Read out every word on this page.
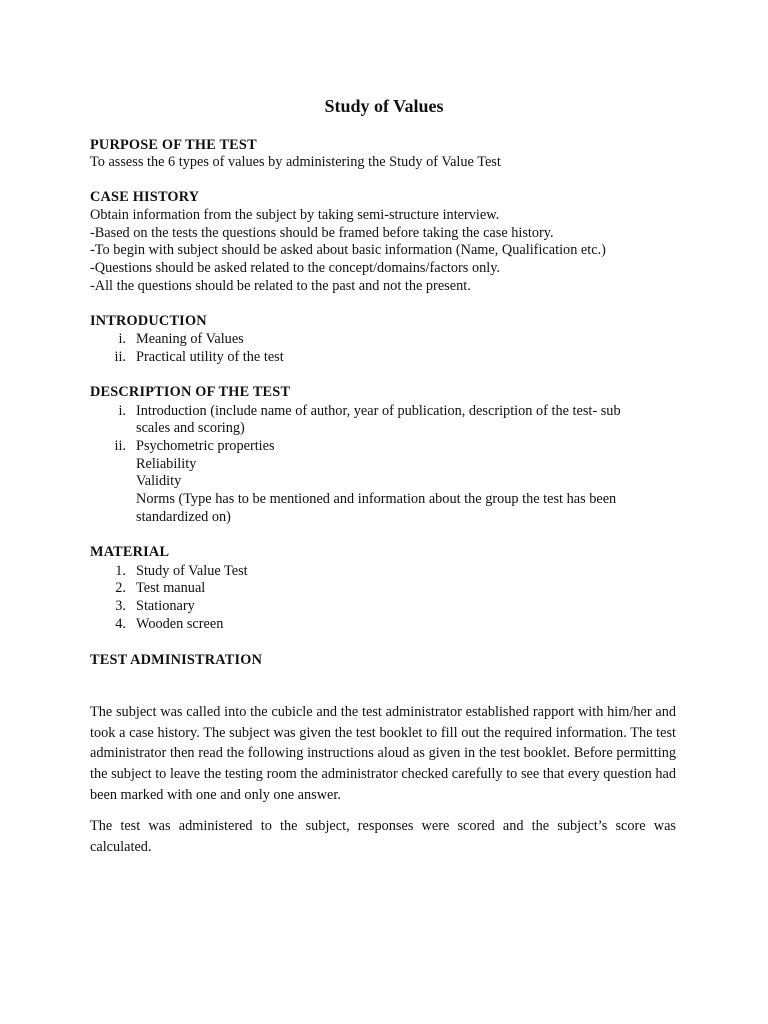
Study of Values
PURPOSE OF THE TEST
To assess the 6 types of values by administering the Study of Value Test
CASE HISTORY
Obtain information from the subject by taking semi-structure interview.
-Based on the tests the questions should be framed before taking the case history.
-To begin with subject should be asked about basic information (Name, Qualification etc.)
-Questions should be asked related to the concept/domains/factors only.
-All the questions should be related to the past and not the present.
INTRODUCTION
i. Meaning of Values
ii. Practical utility of the test
DESCRIPTION OF THE TEST
i. Introduction (include name of author, year of publication, description of the test- sub
scales and scoring)
ii. Psychometric properties
Reliability
Validity
Norms (Type has to be mentioned and information about the group the test has been
standardized on)
MATERIAL
1. Study of Value Test
2. Test manual
3. Stationary
4. Wooden screen
TEST ADMINISTRATION
The subject was called into the cubicle and the test administrator established rapport with him/her and took a case history. The subject was given the test booklet to fill out the required information. The test administrator then read the following instructions aloud as given in the test booklet. Before permitting the subject to leave the testing room the administrator checked carefully to see that every question had been marked with one and only one answer.
The test was administered to the subject, responses were scored and the subject’s score was calculated.
